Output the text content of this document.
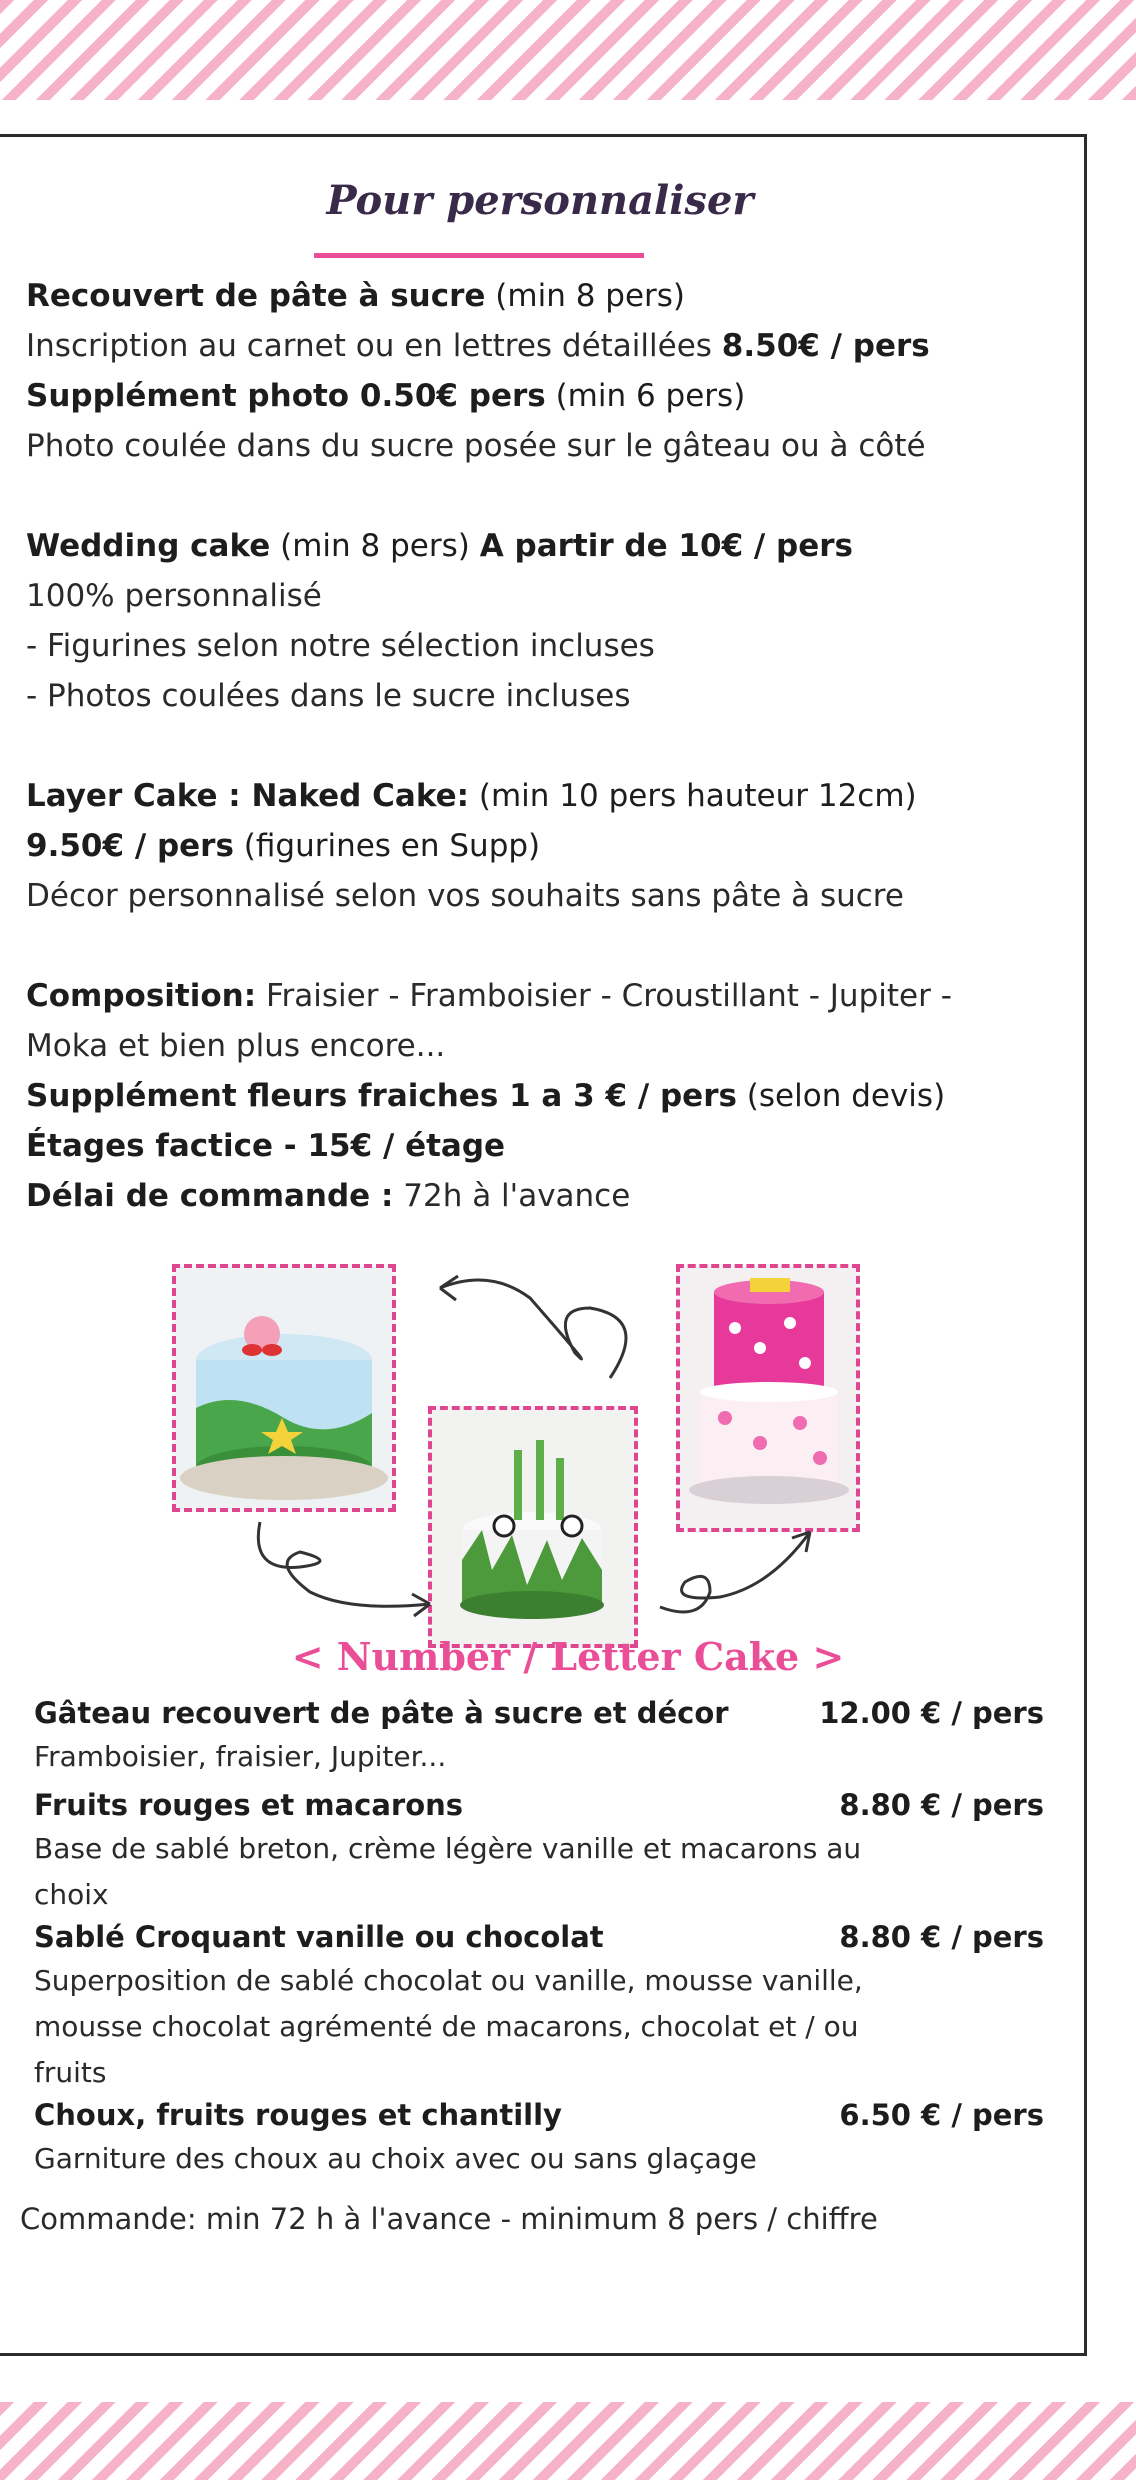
Pour personnaliser
Recouvert de pâte à sucre (min 8 pers)
Inscription au carnet ou en lettres détaillées 8.50€ / pers
Supplément photo 0.50€ pers (min 6 pers)
Photo coulée dans du sucre posée sur le gâteau ou à côté
Wedding cake (min 8 pers) A partir de 10€ / pers
100% personnalisé
- Figurines selon notre sélection incluses
- Photos coulées dans le sucre incluses
Layer Cake : Naked Cake: (min 10 pers hauteur 12cm)
9.50€ / pers (figurines en Supp)
Décor personnalisé selon vos souhaits sans pâte à sucre
Composition: Fraisier - Framboisier - Croustillant - Jupiter -
Moka et bien plus encore...
Supplément fleurs fraiches 1 a 3 € / pers (selon devis)
Étages factice - 15€ / étage
Délai de commande : 72h à l'avance
< Number / Letter Cake >
Gâteau recouvert de pâte à sucre et décor	12.00 € / pers
Framboisier, fraisier, Jupiter...
Fruits rouges et macarons	8.80 € / pers
Base de sablé breton, crème légère vanille et macarons au
choix
Sablé Croquant vanille ou chocolat	8.80 € / pers
Superposition de sablé chocolat ou vanille, mousse vanille,
mousse chocolat agrémenté de macarons, chocolat et / ou
fruits
Choux, fruits rouges et chantilly	6.50 € / pers
Garniture des choux au choix avec ou sans glaçage
Commande: min 72 h à l'avance - minimum 8 pers / chiffre
